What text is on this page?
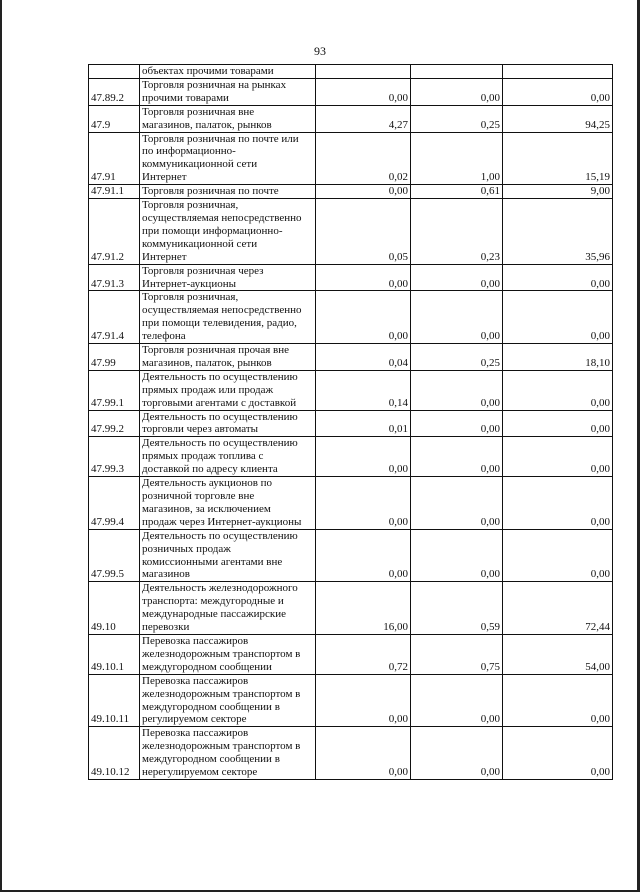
93

	объектах прочими товарами			

47.89.2	Торговля розничная на рынках
прочими товарами	0,00	0,00	0,00
47.9	Торговля розничная вне
магазинов, палаток, рынков	4,27	0,25	94,25
47.91	Торговля розничная по почте или
по информационно-
коммуникационной сети
Интернет	0,02	1,00	15,19
47.91.1	Торговля розничная по почте	0,00	0,61	9,00
47.91.2	Торговля розничная,
осуществляемая непосредственно
при помощи информационно-
коммуникационной сети
Интернет	0,05	0,23	35,96
47.91.3	Торговля розничная через
Интернет-аукционы	0,00	0,00	0,00
47.91.4	Торговля розничная,
осуществляемая непосредственно
при помощи телевидения, радио,
телефона	0,00	0,00	0,00
47.99	Торговля розничная прочая вне
магазинов, палаток, рынков	0,04	0,25	18,10
47.99.1	Деятельность по осуществлению
прямых продаж или продаж
торговыми агентами с доставкой	0,14	0,00	0,00
47.99.2	Деятельность по осуществлению
торговли через автоматы	0,01	0,00	0,00
47.99.3	Деятельность по осуществлению
прямых продаж топлива с
доставкой по адресу клиента	0,00	0,00	0,00
47.99.4	Деятельность аукционов по
розничной торговле вне
магазинов, за исключением
продаж через Интернет-аукционы	0,00	0,00	0,00
47.99.5	Деятельность по осуществлению
розничных продаж
комиссионными агентами вне
магазинов	0,00	0,00	0,00
49.10	Деятельность железнодорожного
транспорта: междугородные и
международные пассажирские
перевозки	16,00	0,59	72,44
49.10.1	Перевозка пассажиров
железнодорожным транспортом в
междугородном сообщении	0,72	0,75	54,00
49.10.11	Перевозка пассажиров
железнодорожным транспортом в
междугородном сообщении в
регулируемом секторе	0,00	0,00	0,00
49.10.12	Перевозка пассажиров
железнодорожным транспортом в
междугородном сообщении в
нерегулируемом секторе	0,00	0,00	0,00
